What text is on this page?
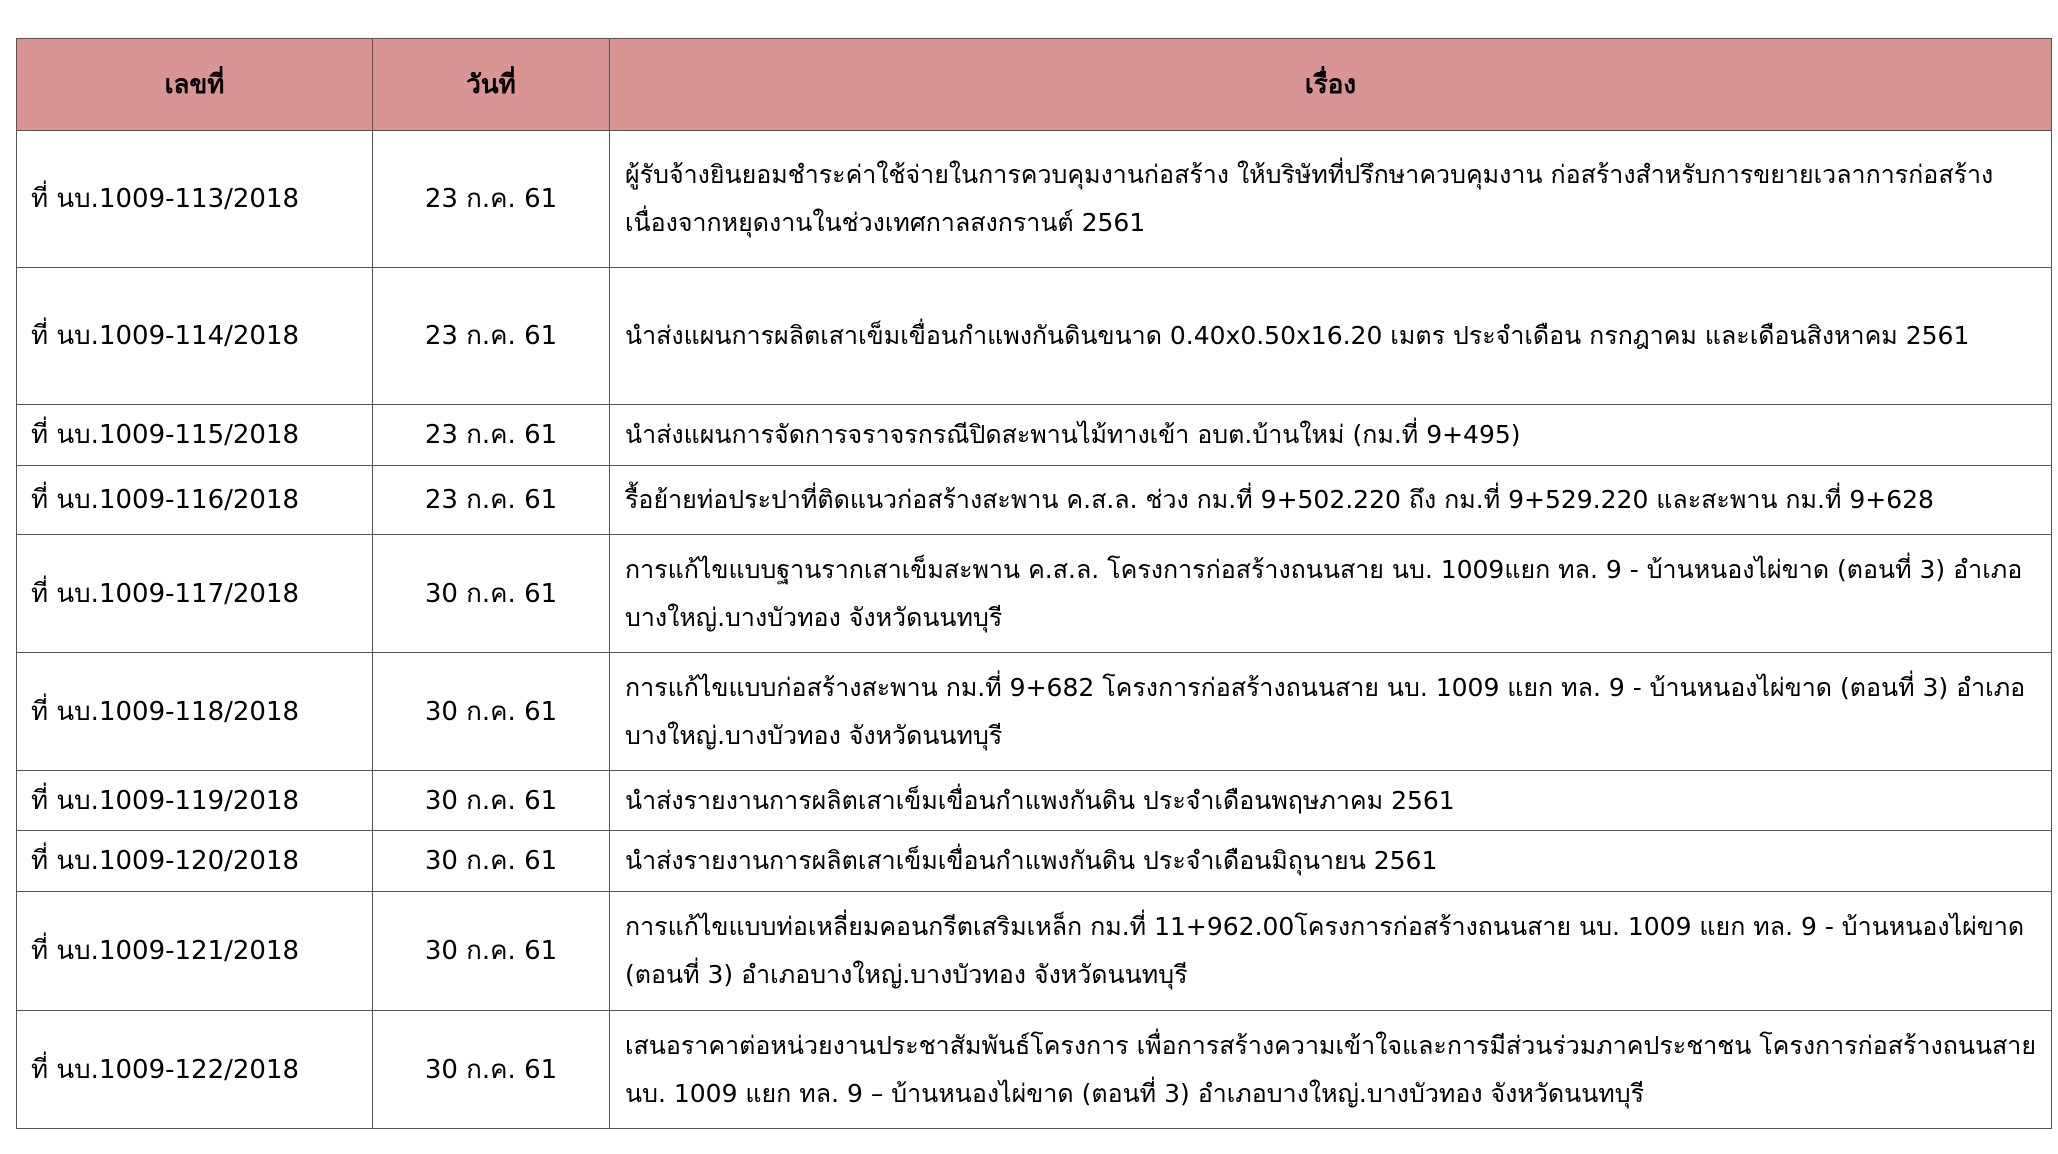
เลขที่	วันที่	เรื่อง
ที่ นบ.1009-113/2018	23 ก.ค. 61	ผู้รับจ้างยินยอมชำระค่าใช้จ่ายในการควบคุมงานก่อสร้าง ให้บริษัทที่ปรึกษาควบคุมงาน ก่อสร้างสำหรับการขยายเวลาการก่อสร้าง เนื่องจากหยุดงานในช่วงเทศกาลสงกรานต์ 2561
ที่ นบ.1009-114/2018	23 ก.ค. 61	นำส่งแผนการผลิตเสาเข็มเขื่อนกำแพงกันดินขนาด 0.40x0.50x16.20 เมตร ประจำเดือน กรกฎาคม และเดือนสิงหาคม 2561
ที่ นบ.1009-115/2018	23 ก.ค. 61	นำส่งแผนการจัดการจราจรกรณีปิดสะพานไม้ทางเข้า อบต.บ้านใหม่ (กม.ที่ 9+495)
ที่ นบ.1009-116/2018	23 ก.ค. 61	รื้อย้ายท่อประปาที่ติดแนวก่อสร้างสะพาน ค.ส.ล. ช่วง กม.ที่ 9+502.220 ถึง กม.ที่ 9+529.220 และสะพาน กม.ที่ 9+628
ที่ นบ.1009-117/2018	30 ก.ค. 61	การแก้ไขแบบฐานรากเสาเข็มสะพาน ค.ส.ล. โครงการก่อสร้างถนนสาย นบ. 1009แยก ทล. 9 - บ้านหนองไผ่ขาด (ตอนที่ 3) อำเภอบางใหญ่.บางบัวทอง จังหวัดนนทบุรี
ที่ นบ.1009-118/2018	30 ก.ค. 61	การแก้ไขแบบก่อสร้างสะพาน กม.ที่ 9+682 โครงการก่อสร้างถนนสาย นบ. 1009 แยก ทล. 9 - บ้านหนองไผ่ขาด (ตอนที่ 3) อำเภอบางใหญ่.บางบัวทอง จังหวัดนนทบุรี
ที่ นบ.1009-119/2018	30 ก.ค. 61	นำส่งรายงานการผลิตเสาเข็มเขื่อนกำแพงกันดิน ประจำเดือนพฤษภาคม 2561
ที่ นบ.1009-120/2018	30 ก.ค. 61	นำส่งรายงานการผลิตเสาเข็มเขื่อนกำแพงกันดิน ประจำเดือนมิถุนายน 2561
ที่ นบ.1009-121/2018	30 ก.ค. 61	การแก้ไขแบบท่อเหลี่ยมคอนกรีตเสริมเหล็ก กม.ที่ 11+962.00โครงการก่อสร้างถนนสาย นบ. 1009 แยก ทล. 9 - บ้านหนองไผ่ขาด (ตอนที่ 3) อำเภอบางใหญ่.บางบัวทอง จังหวัดนนทบุรี
ที่ นบ.1009-122/2018	30 ก.ค. 61	เสนอราคาต่อหน่วยงานประชาสัมพันธ์โครงการ เพื่อการสร้างความเข้าใจและการมีส่วนร่วมภาคประชาชน โครงการก่อสร้างถนนสาย นบ. 1009 แยก ทล. 9 – บ้านหนองไผ่ขาด (ตอนที่ 3) อำเภอบางใหญ่.บางบัวทอง จังหวัดนนทบุรี
